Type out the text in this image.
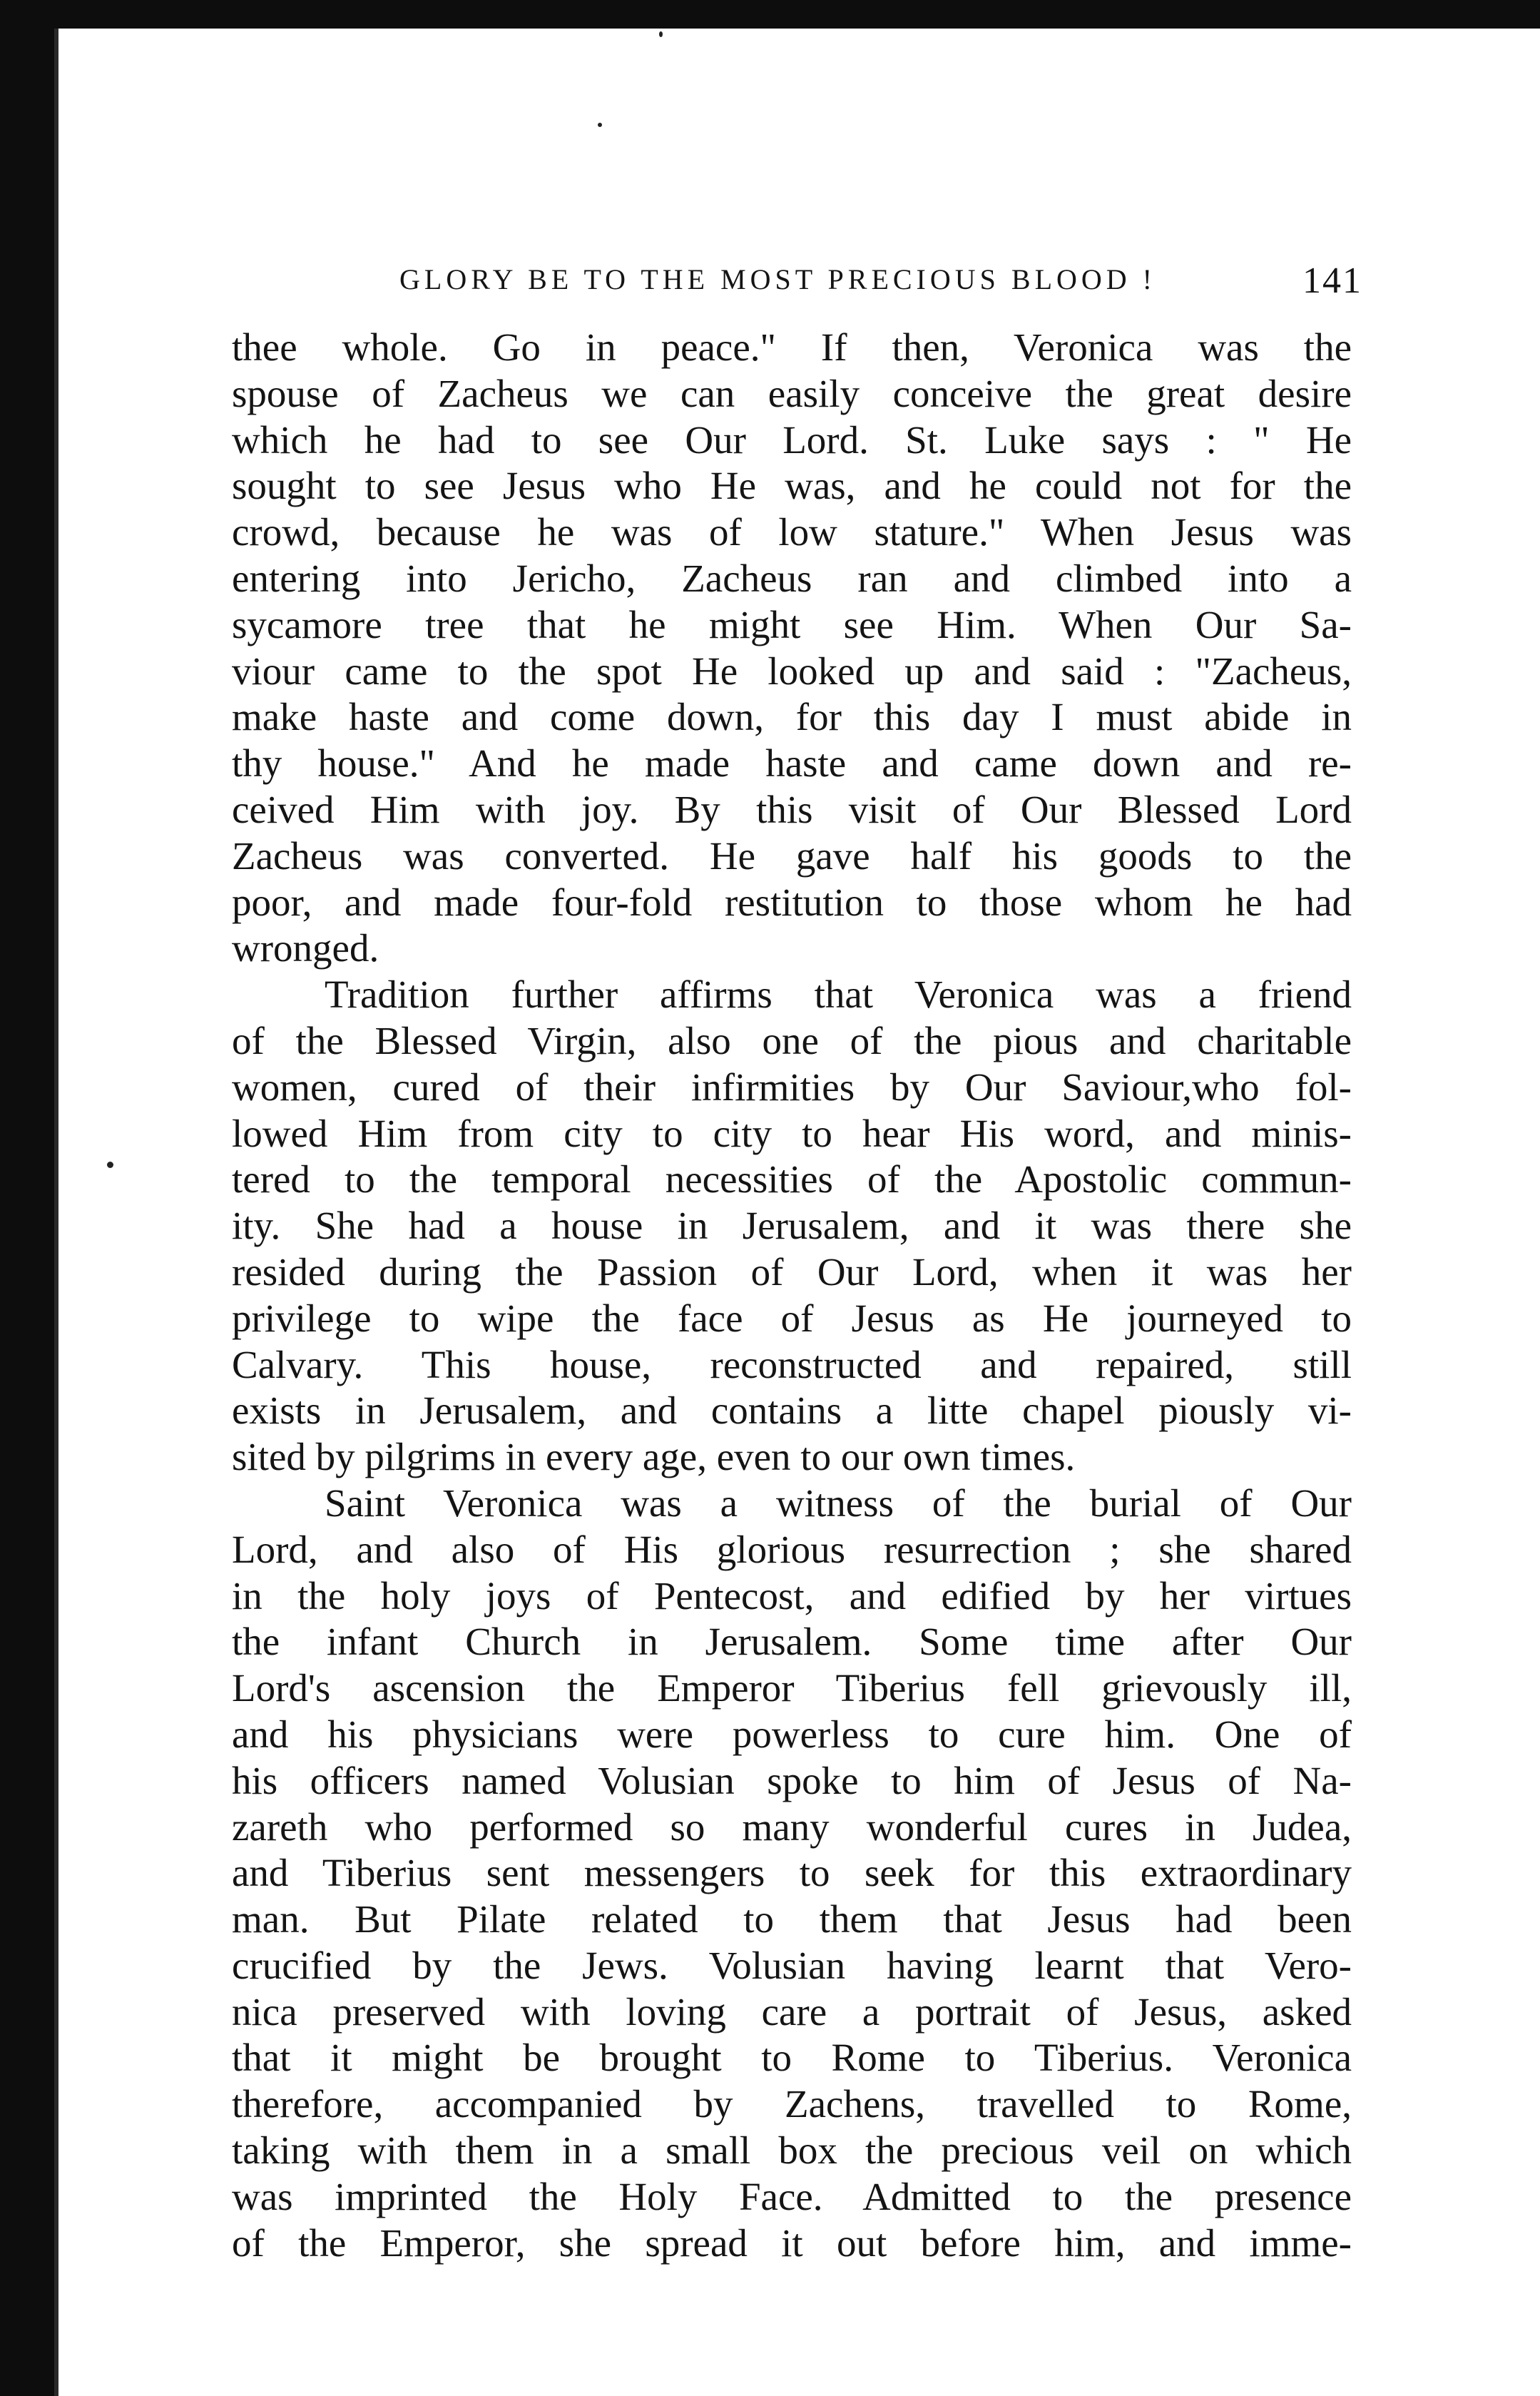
GLORY BE TO THE MOST PRECIOUS BLOOD !	141
thee whole. Go in peace." If then, Veronica was the
spouse of Zacheus we can easily conceive the great desire
which he had to see Our Lord. St. Luke says : " He
sought to see Jesus who He was, and he could not for the
crowd, because he was of low stature." When Jesus was
entering into Jericho, Zacheus ran and climbed into a
sycamore tree that he might see Him. When Our Sa-
viour came to the spot He looked up and said : "Zacheus,
make haste and come down, for this day I must abide in
thy house." And he made haste and came down and re-
ceived Him with joy. By this visit of Our Blessed Lord
Zacheus was converted. He gave half his goods to the
poor, and made four-fold restitution to those whom he had
wronged.
Tradition further affirms that Veronica was a friend
of the Blessed Virgin, also one of the pious and charitable
women, cured of their infirmities by Our Saviour,who fol-
lowed Him from city to city to hear His word, and minis-
tered to the temporal necessities of the Apostolic commun-
ity. She had a house in Jerusalem, and it was there she
resided during the Passion of Our Lord, when it was her
privilege to wipe the face of Jesus as He journeyed to
Calvary. This house, reconstructed and repaired, still
exists in Jerusalem, and contains a litte chapel piously vi-
sited by pilgrims in every age, even to our own times.
Saint Veronica was a witness of the burial of Our
Lord, and also of His glorious resurrection ; she shared
in the holy joys of Pentecost, and edified by her virtues
the infant Church in Jerusalem. Some time after Our
Lord's ascension the Emperor Tiberius fell grievously ill,
and his physicians were powerless to cure him. One of
his officers named Volusian spoke to him of Jesus of Na-
zareth who performed so many wonderful cures in Judea,
and Tiberius sent messengers to seek for this extraordinary
man. But Pilate related to them that Jesus had been
crucified by the Jews. Volusian having learnt that Vero-
nica preserved with loving care a portrait of Jesus, asked
that it might be brought to Rome to Tiberius. Veronica
therefore, accompanied by Zachens, travelled to Rome,
taking with them in a small box the precious veil on which
was imprinted the Holy Face. Admitted to the presence
of the Emperor, she spread it out before him, and imme-
